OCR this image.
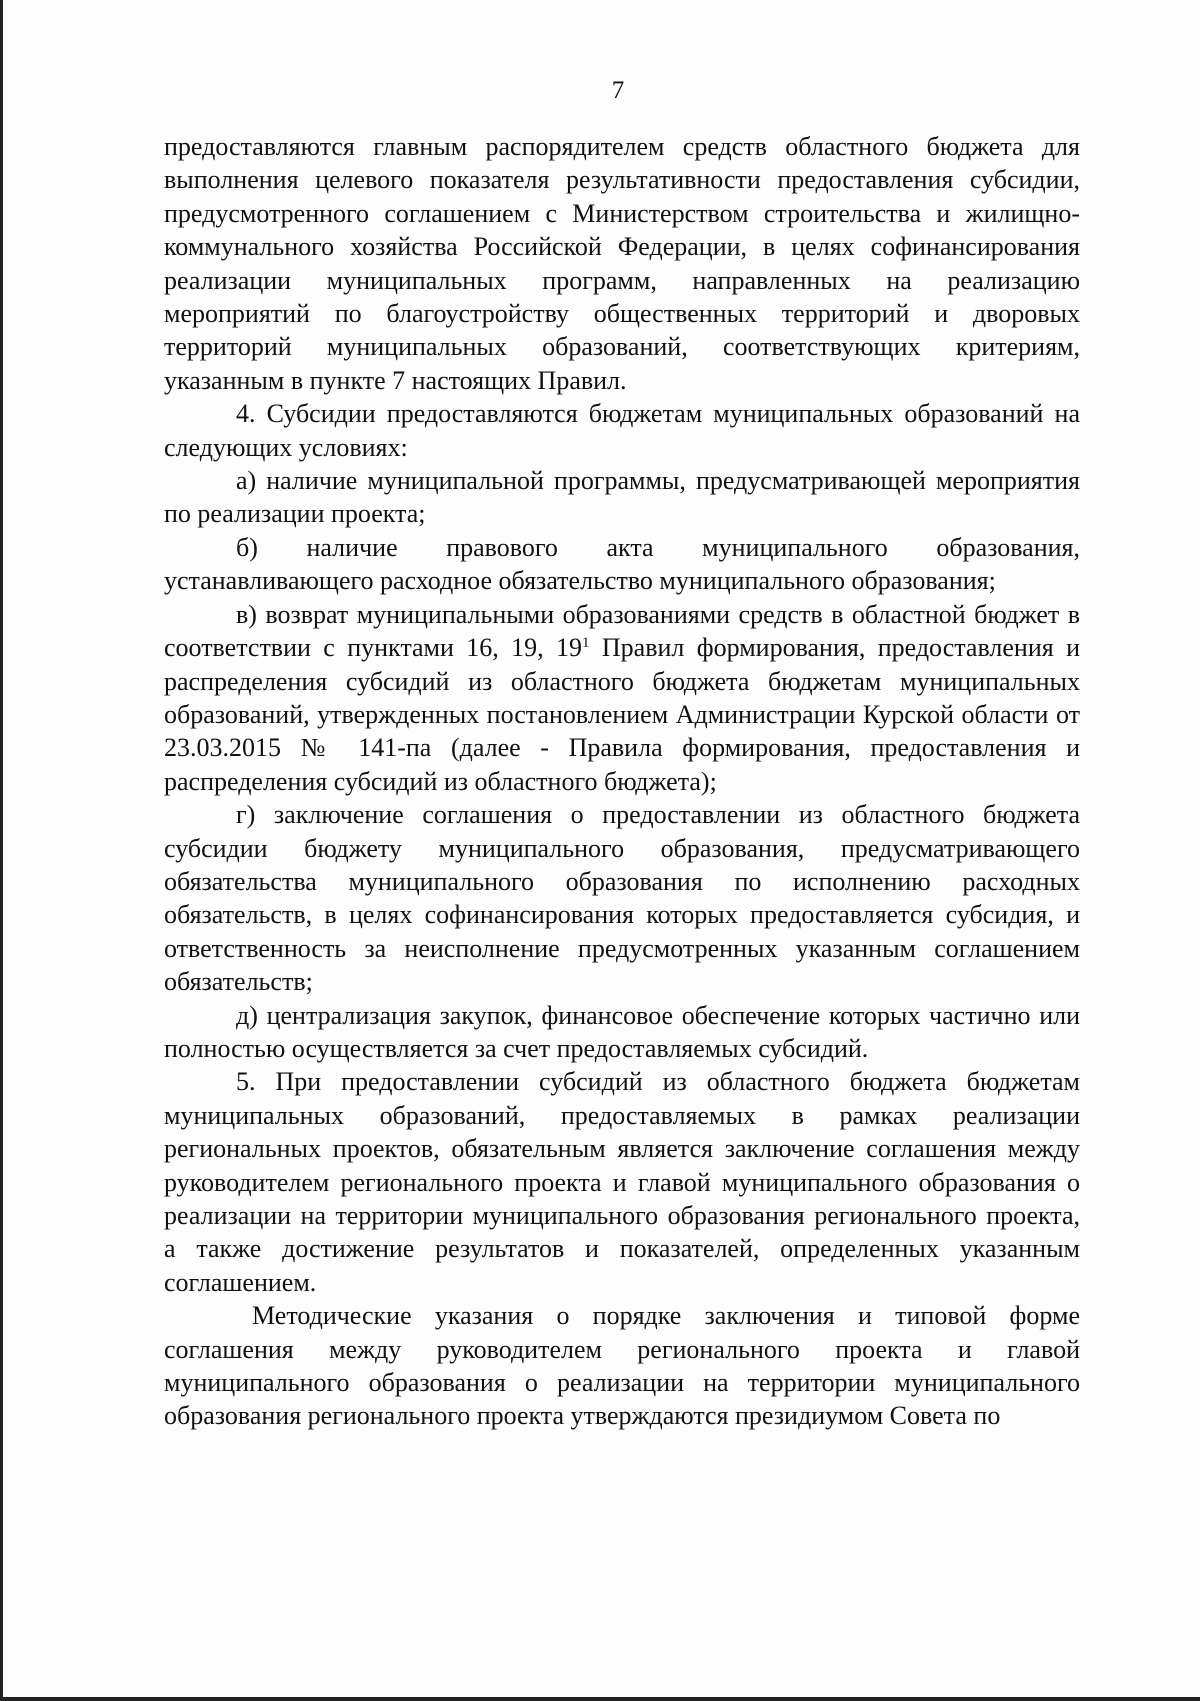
7

предоставляются главным распорядителем средств областного бюджета для выполнения целевого показателя результативности предоставления субсидии, предусмотренного соглашением с Министерством строительства и жилищно-коммунального хозяйства Российской Федерации, в целях софинансирования реализации муниципальных программ, направленных на реализацию мероприятий по благоустройству общественных территорий и дворовых территорий муниципальных образований, соответствующих критериям, указанным в пункте 7 настоящих Правил.

4. Субсидии предоставляются бюджетам муниципальных образований на следующих условиях:

а) наличие муниципальной программы, предусматривающей мероприятия по реализации проекта;

б) наличие правового акта муниципального образования, устанавливающего расходное обязательство муниципального образования;

в) возврат муниципальными образованиями средств в областной бюджет в соответствии с пунктами 16, 19, $19^1$ Правил формирования, предоставления и распределения субсидий из областного бюджета бюджетам муниципальных образований, утвержденных постановлением Администрации Курской области от 23.03.2015 № 141-па (далее - Правила формирования, предоставления и распределения субсидий из областного бюджета);

г) заключение соглашения о предоставлении из областного бюджета субсидии бюджету муниципального образования, предусматривающего обязательства муниципального образования по исполнению расходных обязательств, в целях софинансирования которых предоставляется субсидия, и ответственность за неисполнение предусмотренных указанным соглашением обязательств;

д) централизация закупок, финансовое обеспечение которых частично или полностью осуществляется за счет предоставляемых субсидий.

5. При предоставлении субсидий из областного бюджета бюджетам муниципальных образований, предоставляемых в рамках реализации региональных проектов, обязательным является заключение соглашения между руководителем регионального проекта и главой муниципального образования о реализации на территории муниципального образования регионального проекта, а также достижение результатов и показателей, определенных указанным соглашением.

Методические указания о порядке заключения и типовой форме соглашения между руководителем регионального проекта и главой муниципального образования о реализации на территории муниципального образования регионального проекта утверждаются президиумом Совета по
